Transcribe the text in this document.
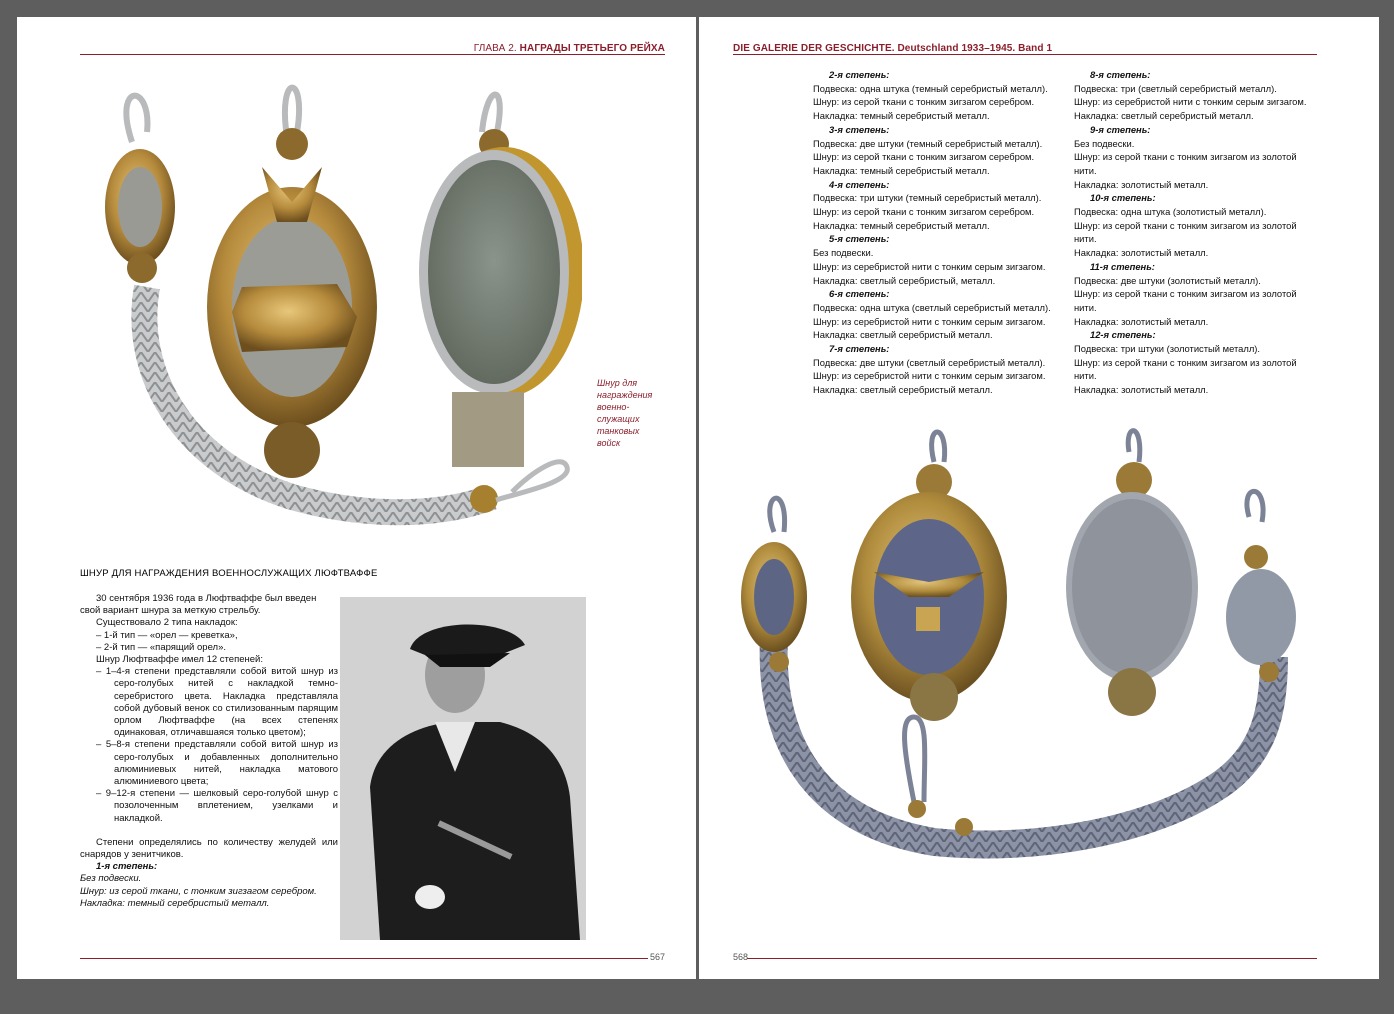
ГЛАВА 2. НАГРАДЫ ТРЕТЬЕГО РЕЙХА
Шнур для
награждения
военно-
служащих
танковых
войск
ШНУР ДЛЯ НАГРАЖДЕНИЯ ВОЕННОСЛУЖАЩИХ ЛЮФТВАФФЕ

30 сентября 1936 года в Люфтваффе был введен свой вариант шнура за меткую стрельбу.

Существовало 2 типа накладок:

– 1-й тип — «орел — креветка»,

– 2-й тип — «парящий орел».

Шнур Люфтваффе имел 12 степеней:

– 1–4-я степени представляли собой витой шнур из серо-голубых нитей с накладкой темно-серебристого цвета. Накладка представляла собой дубовый венок со стилизованным парящим орлом Люфтваффе (на всех степенях одинаковая, отличавшаяся только цветом);

– 5–8-я степени представляли собой витой шнур из серо-голубых и добавленных дополнительно алюминиевых нитей, накладка матового алюминиевого цвета;

– 9–12-я степени — шелковый серо-голубой шнур с позолоченным вплетением, узелками и накладкой.

Степени определялись по количеству желудей или снарядов у зенитчиков.

1-я степень:

Без подвески.

Шнур: из серой ткани, с тонким зигзагом серебром.

Накладка: темный серебристый металл.

567
DIE GALERIE DER GESCHICHTE. Deutschland 1933–1945. Band 1

2-я степень:

Подвеска: одна штука (темный серебристый металл).

Шнур: из серой ткани с тонким зигзагом серебром.

Накладка: темный серебристый металл.

3-я степень:

Подвеска: две штуки (темный серебристый металл).

Шнур: из серой ткани с тонким зигзагом серебром.

Накладка: темный серебристый металл.

4-я степень:

Подвеска: три штуки (темный серебристый металл).

Шнур: из серой ткани с тонким зигзагом серебром.

Накладка: темный серебристый металл.

5-я степень:

Без подвески.

Шнур: из серебристой нити с тонким серым зигзагом.

Накладка: светлый серебристый, металл.

6-я степень:

Подвеска: одна штука (светлый серебристый металл).

Шнур: из серебристой нити с тонким серым зигзагом.

Накладка: светлый серебристый металл.

7-я степень:

Подвеска: две штуки (светлый серебристый металл).

Шнур: из серебристой нити с тонким серым зигзагом.

Накладка: светлый серебристый металл.

8-я степень:

Подвеска: три (светлый серебристый металл).

Шнур: из серебристой нити с тонким серым зигзагом.

Накладка: светлый серебристый металл.

9-я степень:

Без подвески.

Шнур: из серой ткани с тонким зигзагом из золотой нити.

Накладка: золотистый металл.

10-я степень:

Подвеска: одна штука (золотистый металл).

Шнур: из серой ткани с тонким зигзагом из золотой нити.

Накладка: золотистый металл.

11-я степень:

Подвеска: две штуки (золотистый металл).

Шнур: из серой ткани с тонким зигзагом из золотой нити.

Накладка: золотистый металл.

12-я степень:

Подвеска: три штуки (золотистый металл).

Шнур: из серой ткани с тонким зигзагом из золотой нити.

Накладка: золотистый металл.

568
